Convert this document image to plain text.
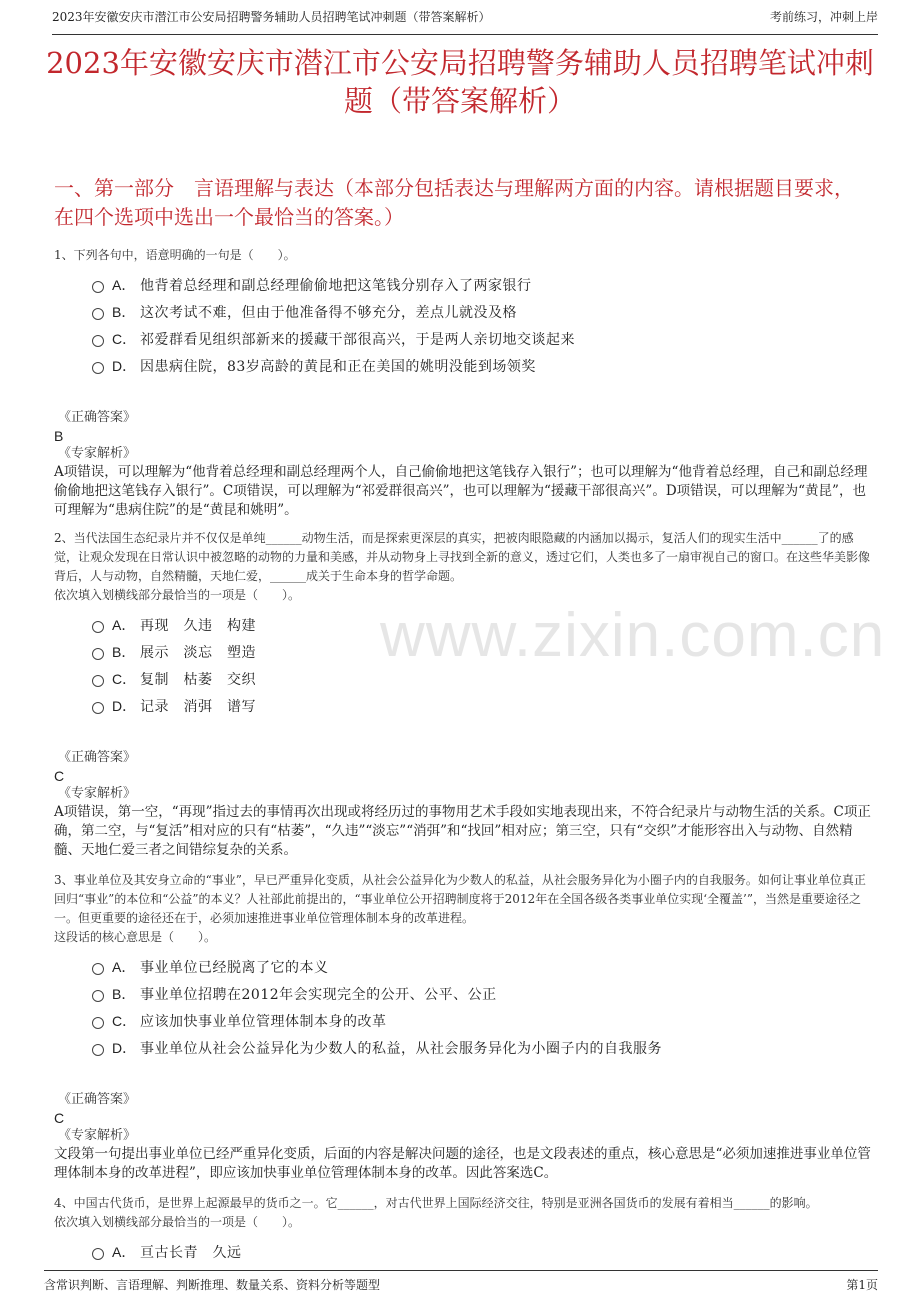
2023年安徽安庆市潜江市公安局招聘警务辅助人员招聘笔试冲刺题（带答案解析）	考前练习，冲刺上岸
www.zixin.com.cn
2023年安徽安庆市潜江市公安局招聘警务辅助人员招聘笔试冲刺题（带答案解析）
一、第一部分　言语理解与表达（本部分包括表达与理解两方面的内容。请根据题目要求，在四个选项中选出一个最恰当的答案。）
1、下列各句中，语意明确的一句是（　　）。
A． 他背着总经理和副总经理偷偷地把这笔钱分别存入了两家银行
B． 这次考试不难，但由于他准备得不够充分，差点儿就没及格
C． 祁爱群看见组织部新来的援藏干部很高兴，于是两人亲切地交谈起来
D． 因患病住院，83岁高龄的黄昆和正在美国的姚明没能到场领奖
《正确答案》
B
《专家解析》
A项错误，可以理解为“他背着总经理和副总经理两个人，自己偷偷地把这笔钱存入银行”；也可以理解为“他背着总经理，自己和副总经理偷偷地把这笔钱存入银行”。C项错误，可以理解为“祁爱群很高兴”，也可以理解为“援藏干部很高兴”。D项错误，可以理解为“黄昆”，也可理解为“患病住院”的是“黄昆和姚明”。
2、当代法国生态纪录片并不仅仅是单纯______动物生活，而是探索更深层的真实，把被肉眼隐藏的内涵加以揭示，复活人们的现实生活中______了的感觉，让观众发现在日常认识中被忽略的动物的力量和美感，并从动物身上寻找到全新的意义，透过它们，人类也多了一扇审视自己的窗口。在这些华美影像背后，人与动物，自然精髓，天地仁爱，______成关于生命本身的哲学命题。
依次填入划横线部分最恰当的一项是（　　）。
A． 再现　久违　构建
B． 展示　淡忘　塑造
C． 复制　枯萎　交织
D． 记录　消弭　谱写
《正确答案》
C
《专家解析》
A项错误，第一空，“再现”指过去的事情再次出现或将经历过的事物用艺术手段如实地表现出来，不符合纪录片与动物生活的关系。C项正确，第二空，与“复活”相对应的只有“枯萎”，“久违”“淡忘”“消弭”和“找回”相对应；第三空，只有“交织”才能形容出入与动物、自然精髓、天地仁爱三者之间错综复杂的关系。
3、事业单位及其安身立命的“事业”，早已严重异化变质，从社会公益异化为少数人的私益，从社会服务异化为小圈子内的自我服务。如何让事业单位真正回归“事业”的本位和“公益”的本义？人社部此前提出的，“事业单位公开招聘制度将于2012年在全国各级各类事业单位实现‘全覆盖’”，当然是重要途径之一。但更重要的途径还在于，必须加速推进事业单位管理体制本身的改革进程。
这段话的核心意思是（　　）。
A． 事业单位已经脱离了它的本义
B． 事业单位招聘在2012年会实现完全的公开、公平、公正
C． 应该加快事业单位管理体制本身的改革
D． 事业单位从社会公益异化为少数人的私益，从社会服务异化为小圈子内的自我服务
《正确答案》
C
《专家解析》
文段第一句提出事业单位已经严重异化变质，后面的内容是解决问题的途径，也是文段表述的重点，核心意思是“必须加速推进事业单位管理体制本身的改革进程”，即应该加快事业单位管理体制本身的改革。因此答案选C。
4、中国古代货币，是世界上起源最早的货币之一。它______，对古代世界上国际经济交往，特别是亚洲各国货币的发展有着相当______的影响。
依次填入划横线部分最恰当的一项是（　　）。
A． 亘古长青　久远
含常识判断、言语理解、判断推理、数量关系、资料分析等题型	第1页
